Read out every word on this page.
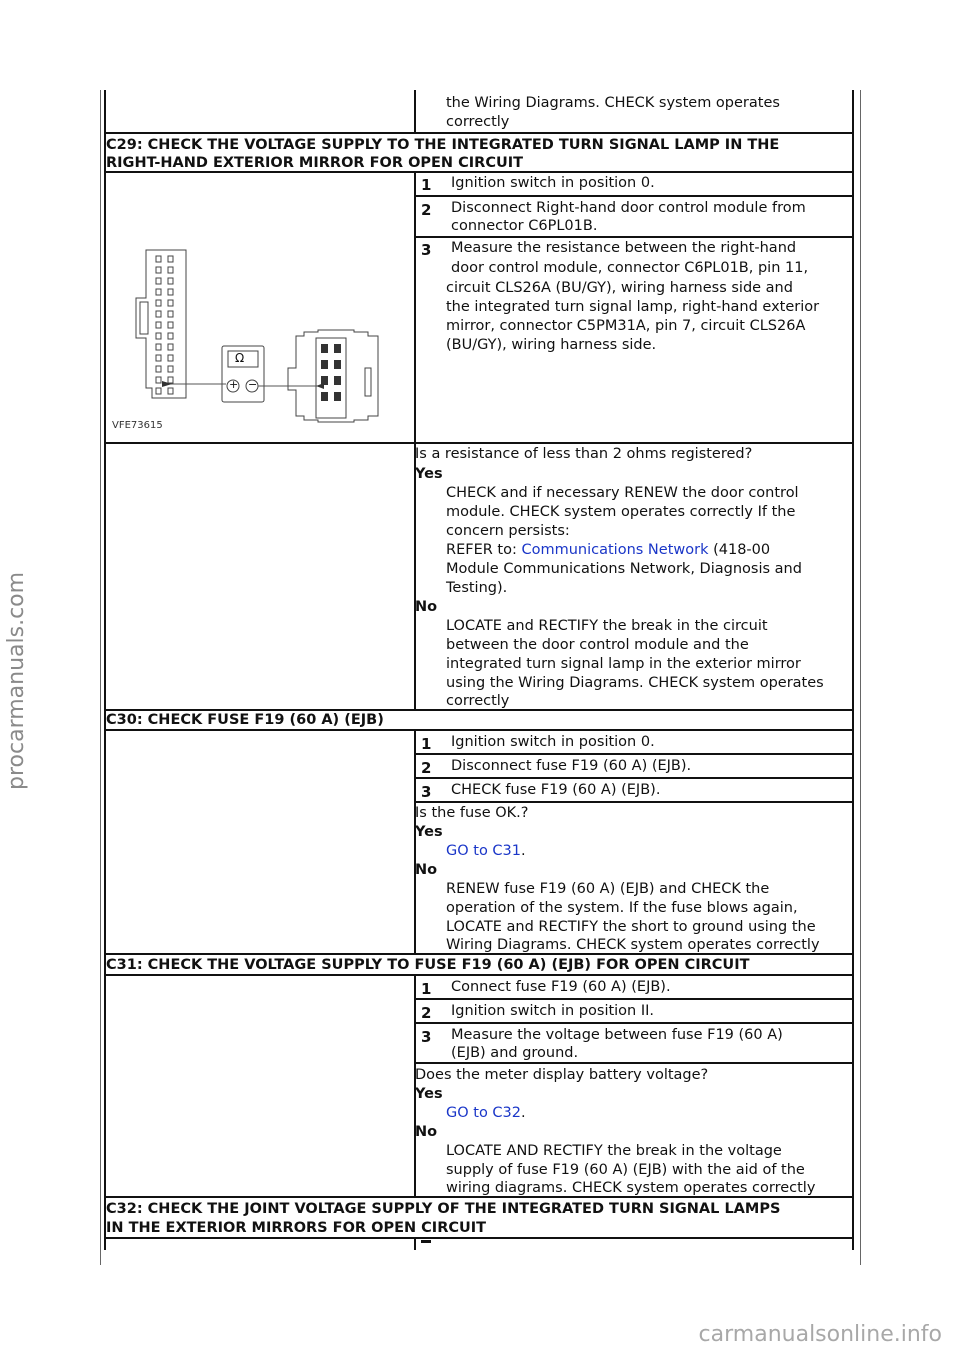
procarmanuals.com
carmanualsonline.info
the Wiring Diagrams. CHECK system operates
correctly
C29: CHECK THE VOLTAGE SUPPLY TO THE INTEGRATED TURN SIGNAL LAMP IN THE
RIGHT-HAND EXTERIOR MIRROR FOR OPEN CIRCUIT
1 Ignition switch in position 0.
2 Disconnect Right-hand door control module from
connector C6PL01B.
3 Measure the resistance between the right-hand
door control module, connector C6PL01B, pin 11,
circuit CLS26A (BU/GY), wiring harness side and
the integrated turn signal lamp, right-hand exterior
mirror, connector C5PM31A, pin 7, circuit CLS26A
(BU/GY), wiring harness side.
Ω
+ −
VFE73615
Is a resistance of less than 2 ohms registered?
Yes
CHECK and if necessary RENEW the door control
module. CHECK system operates correctly If the
concern persists:
REFER to: Communications Network (418-00
Module Communications Network, Diagnosis and
Testing).
No
LOCATE and RECTIFY the break in the circuit
between the door control module and the
integrated turn signal lamp in the exterior mirror
using the Wiring Diagrams. CHECK system operates
correctly
C30: CHECK FUSE F19 (60 A) (EJB)
1 Ignition switch in position 0.
2 Disconnect fuse F19 (60 A) (EJB).
3 CHECK fuse F19 (60 A) (EJB).
Is the fuse OK.?
Yes
GO to C31.
No
RENEW fuse F19 (60 A) (EJB) and CHECK the
operation of the system. If the fuse blows again,
LOCATE and RECTIFY the short to ground using the
Wiring Diagrams. CHECK system operates correctly
C31: CHECK THE VOLTAGE SUPPLY TO FUSE F19 (60 A) (EJB) FOR OPEN CIRCUIT
1 Connect fuse F19 (60 A) (EJB).
2 Ignition switch in position II.
3 Measure the voltage between fuse F19 (60 A)
(EJB) and ground.
Does the meter display battery voltage?
Yes
GO to C32.
No
LOCATE AND RECTIFY the break in the voltage
supply of fuse F19 (60 A) (EJB) with the aid of the
wiring diagrams. CHECK system operates correctly
C32: CHECK THE JOINT VOLTAGE SUPPLY OF THE INTEGRATED TURN SIGNAL LAMPS
IN THE EXTERIOR MIRRORS FOR OPEN CIRCUIT
